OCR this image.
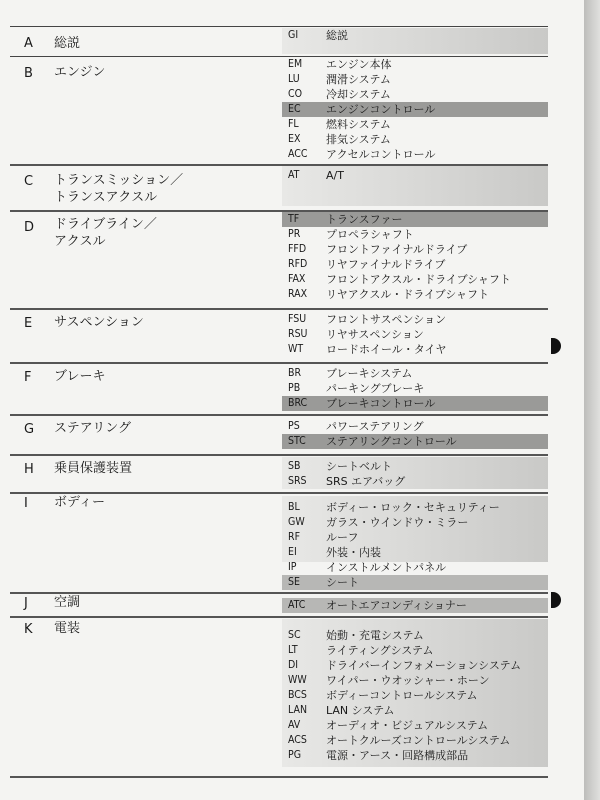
A 総説
GI	総説
B エンジン
EM エンジン本体
LU 潤滑システム
CO 冷却システム
EC エンジンコントロール
FL 燃料システム
EX 排気システム
ACC アクセルコントロール
C トランスミッション／
トランスアクスル
AT A/T
D ドライブライン／
アクスル
TF トランスファー
PR プロペラシャフト
FFD フロントファイナルドライブ
RFD リヤファイナルドライブ
FAX フロントアクスル・ドライブシャフト
RAX リヤアクスル・ドライブシャフト
E サスペンション	FSU フロントサスペンション
RSU リヤサスペンション
WT ロードホイール・タイヤ
F ブレーキ	BR ブレーキシステム
PB パーキングブレーキ
BRC ブレーキコントロール
G ステアリング	PS パワーステアリング
STC ステアリングコントロール
H 乗員保護装置	SB シートベルト
SRS SRS エアバッグ
I ボディー	BL ボディー・ロック・セキュリティー
GW ガラス・ウインドウ・ミラー
RF ルーフ
EI	外装・内装
IP	インストルメントパネル
SE シート
J 空調	ATC オートエアコンディショナー
K 電装	SC 始動・充電システム
LT	ライティングシステム
DI	ドライバーインフォメーションシステム
WW ワイパー・ウオッシャー・ホーン
BCS ボディーコントロールシステム
LAN LAN システム
AV オーディオ・ビジュアルシステム
ACS オートクルーズコントロールシステム
PG 電源・アース・回路構成部品
